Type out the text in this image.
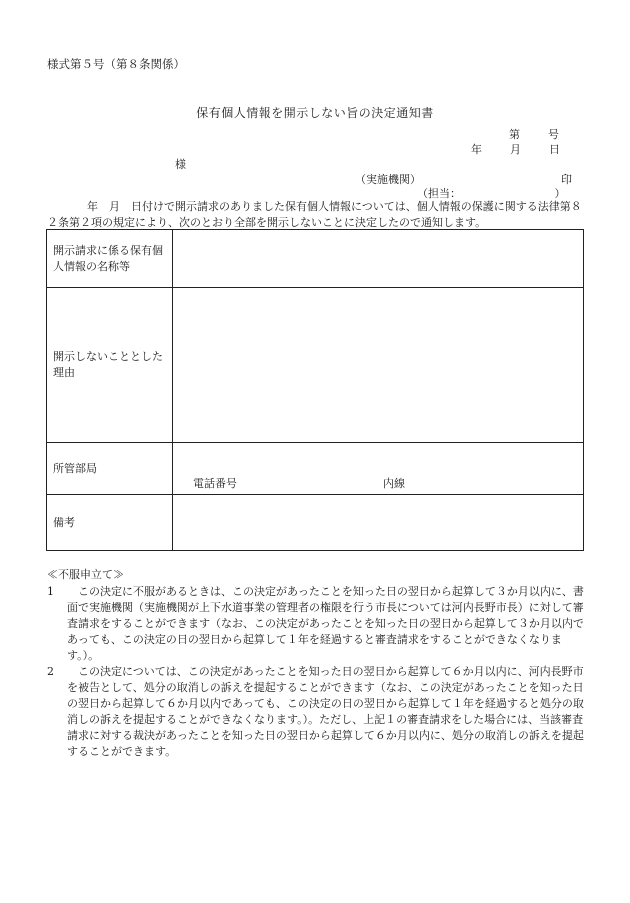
様式第５号（第８条関係）
保有個人情報を開示しない旨の決定通知書
第	号
年	月	日
様
（実施機関）	印
（担当：　　　　　　　　　）
年　月　日付けで開示請求のありました保有個人情報については、個人情報の保護に関する法律第８２条第２項の規定により、次のとおり全部を開示しないことに決定したので通知します。
開示請求に係る保有個人情報の名称等	
開示しないこととした理由	
所管部局	電話番号 内線

備考	
≪不服申立て≫
1
　 この決定に不服があるときは、この決定があったことを知った日の翌日から起算して３か月以内に、書面で実施機関（実施機関が上下水道事業の管理者の権限を行う市長については河内長野市長）に対して審査請求をすることができます（なお、この決定があったことを知った日の翌日から起算して３か月以内であっても、この決定の日の翌日から起算して１年を経過すると審査請求をすることができなくなります。）。
2
　 この決定については、この決定があったことを知った日の翌日から起算して６か月以内に、河内長野市を被告として、処分の取消しの訴えを提起することができます（なお、この決定があったことを知った日の翌日から起算して６か月以内であっても、この決定の日の翌日から起算して１年を経過すると処分の取消しの訴えを提起することができなくなります。）。ただし、上記１の審査請求をした場合には、当該審査請求に対する裁決があったことを知った日の翌日から起算して６か月以内に、処分の取消しの訴えを提起することができます。
